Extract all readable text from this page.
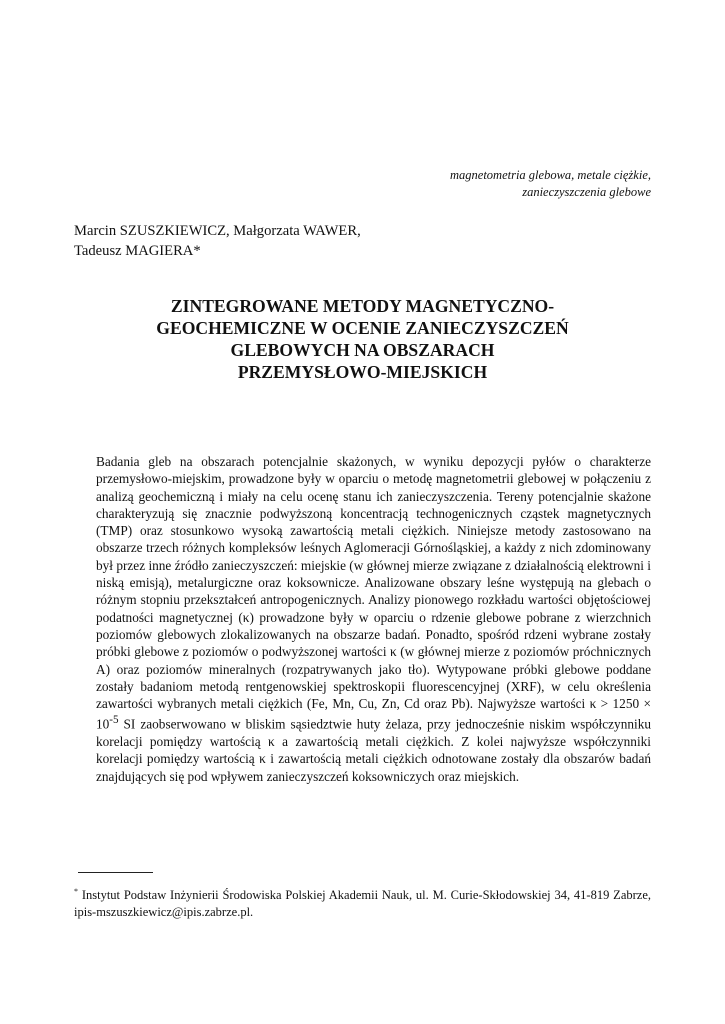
magnetometria glebowa, metale ciężkie,
zanieczyszczenia glebowe
Marcin SZUSZKIEWICZ, Małgorzata WAWER,
Tadeusz MAGIERA*
ZINTEGROWANE METODY MAGNETYCZNO-
GEOCHEMICZNE W OCENIE ZANIECZYSZCZEŃ
GLEBOWYCH NA OBSZARACH
PRZEMYSŁOWO-MIEJSKICH

Badania gleb na obszarach potencjalnie skażonych, w wyniku depozycji pyłów o charakterze przemysłowo-miejskim, prowadzone były w oparciu o metodę magnetometrii glebowej w połączeniu z analizą geochemiczną i miały na celu ocenę stanu ich zanieczyszczenia. Tereny potencjalnie skażone charakteryzują się znacznie podwyższoną koncentracją technogenicznych cząstek magnetycznych (TMP) oraz stosunkowo wysoką zawartością metali ciężkich. Niniejsze metody zastosowano na obszarze trzech różnych kompleksów leśnych Aglomeracji Górnośląskiej, a każdy z nich zdominowany był przez inne źródło zanieczyszczeń: miejskie (w głównej mierze związane z działalnością elektrowni i niską emisją), metalurgiczne oraz koksownicze. Analizowane obszary leśne występują na glebach o różnym stopniu przekształceń antropogenicznych. Analizy pionowego rozkładu wartości objętościowej podatności magnetycznej (κ) prowadzone były w oparciu o rdzenie glebowe pobrane z wierzchnich poziomów glebowych zlokalizowanych na obszarze badań. Ponadto, spośród rdzeni wybrane zostały próbki glebowe z poziomów o podwyższonej wartości κ (w głównej mierze z poziomów próchnicznych A) oraz poziomów mineralnych (rozpatrywanych jako tło). Wytypowane próbki glebowe poddane zostały badaniom metodą rentgenowskiej spektroskopii fluorescencyjnej (XRF), w celu określenia zawartości wybranych metali ciężkich (Fe, Mn, Cu, Zn, Cd oraz Pb). Najwyższe wartości $\kappa > 1250 \times 10^{-5}$ SI zaobserwowano w bliskim sąsiedztwie huty żelaza, przy jednocześnie niskim współczynniku korelacji pomiędzy wartością κ a zawartością metali ciężkich. Z kolei najwyższe współczynniki korelacji pomiędzy wartością κ i zawartością metali ciężkich odnotowane zostały dla obszarów badań znajdujących się pod wpływem zanieczyszczeń koksowniczych oraz miejskich.

* Instytut Podstaw Inżynierii Środowiska Polskiej Akademii Nauk, ul. M. Curie-Skłodowskiej 34, 41-819 Zabrze, ipis-mszuszkiewicz@ipis.zabrze.pl.
